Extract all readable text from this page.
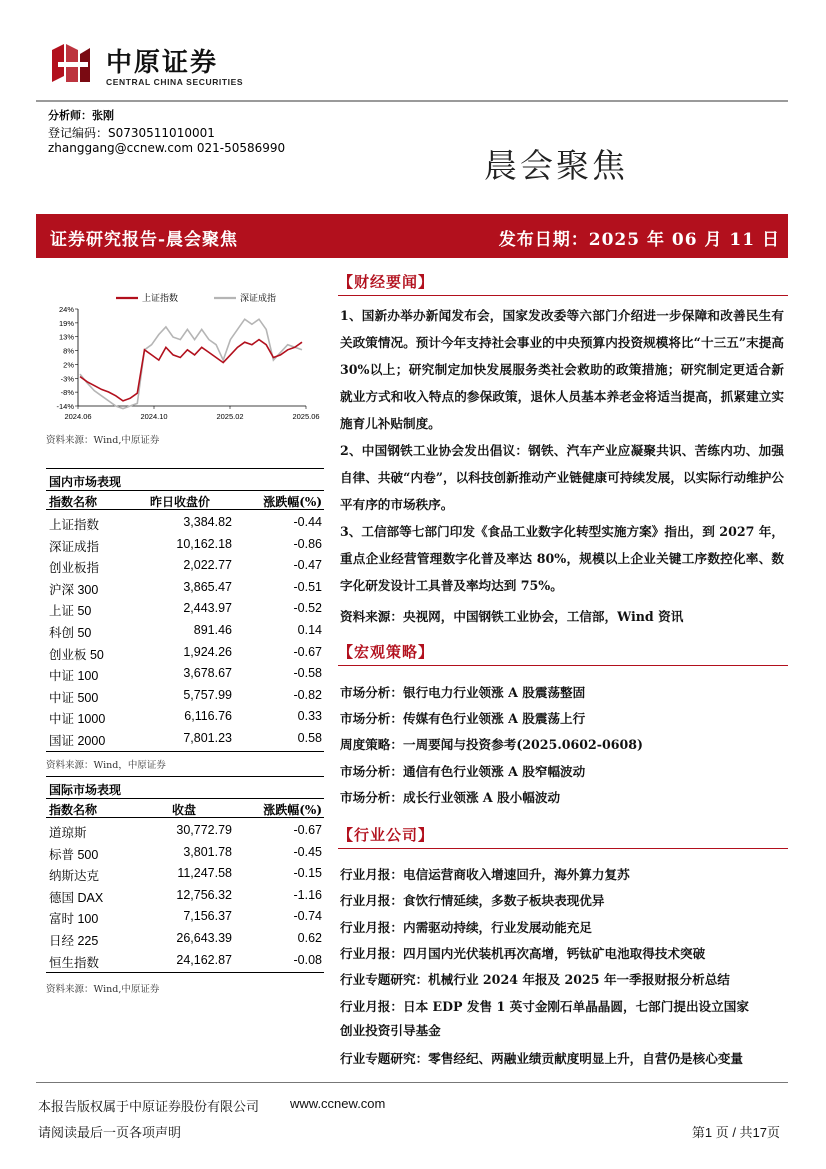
中原证券
CENTRAL CHINA SECURITIES
分析师：张刚
登记编码：S0730511010001
zhanggang@ccnew.com 021-50586990	晨会聚焦
证券研究报告-晨会聚焦	发布日期：2025 年 06 月 11 日
24%
19%
13%
8%
2%
-3%
-8%
-14%
2024.06	2024.10	2025.02	2025.06
上证指数	深证成指
资料来源：Wind,中原证券
国内市场表现
指数名称	昨日收盘价	涨跌幅(%)
上证指数	3,384.82	-0.44
深证成指	10,162.18	-0.86
创业板指	2,022.77	-0.47
沪深 300	3,865.47	-0.51
上证 50	2,443.97	-0.52
科创 50	891.46	0.14
创业板 50	1,924.26	-0.67
中证 100	3,678.67	-0.58
中证 500	5,757.99	-0.82
中证 1000	6,116.76	0.33
国证 2000	7,801.23	0.58
资料来源：Wind，中原证券
国际市场表现
指数名称	收盘	涨跌幅(%)
道琼斯	30,772.79	-0.67
标普 500	3,801.78	-0.45
纳斯达克	11,247.58	-0.15
德国 DAX	12,756.32	-1.16
富时 100	7,156.37	-0.74
日经 225	26,643.39	0.62
恒生指数	24,162.87	-0.08
资料来源：Wind,中原证券
【财经要闻】
1、国新办举办新闻发布会，国家发改委等六部门介绍进一步保障和改善民生有关政策情况。预计今年支持社会事业的中央预算内投资规模将比“十三五”末提高 30%以上；研究制定加快发展服务类社会救助的政策措施；研究制定更适合新就业方式和收入特点的参保政策，退休人员基本养老金将适当提高，抓紧建立实施育儿补贴制度。
2、中国钢铁工业协会发出倡议：钢铁、汽车产业应凝聚共识、苦练内功、加强自律、共破“内卷”，以科技创新推动产业链健康可持续发展，以实际行动维护公平有序的市场秩序。
3、工信部等七部门印发《食品工业数字化转型实施方案》指出，到 2027 年，重点企业经营管理数字化普及率达 80%，规模以上企业关键工序数控化率、数字化研发设计工具普及率均达到 75%。
资料来源：央视网，中国钢铁工业协会，工信部，Wind 资讯
【宏观策略】
市场分析：银行电力行业领涨 A 股震荡整固
市场分析：传媒有色行业领涨 A 股震荡上行
周度策略：一周要闻与投资参考(2025.0602-0608)
市场分析：通信有色行业领涨 A 股窄幅波动
市场分析：成长行业领涨 A 股小幅波动
【行业公司】
行业月报：电信运营商收入增速回升，海外算力复苏
行业月报：食饮行情延续，多数子板块表现优异
行业月报：内需驱动持续，行业发展动能充足
行业月报：四月国内光伏装机再次高增，钙钛矿电池取得技术突破
行业专题研究：机械行业 2024 年报及 2025 年一季报财报分析总结
行业月报：日本 EDP 发售 1 英寸金刚石单晶晶圆，七部门提出设立国家
创业投资引导基金
行业专题研究：零售经纪、两融业绩贡献度明显上升，自营仍是核心变量
本报告版权属于中原证券股份有限公司 www.ccnew.com
请阅读最后一页各项声明	第1 页 / 共17页
